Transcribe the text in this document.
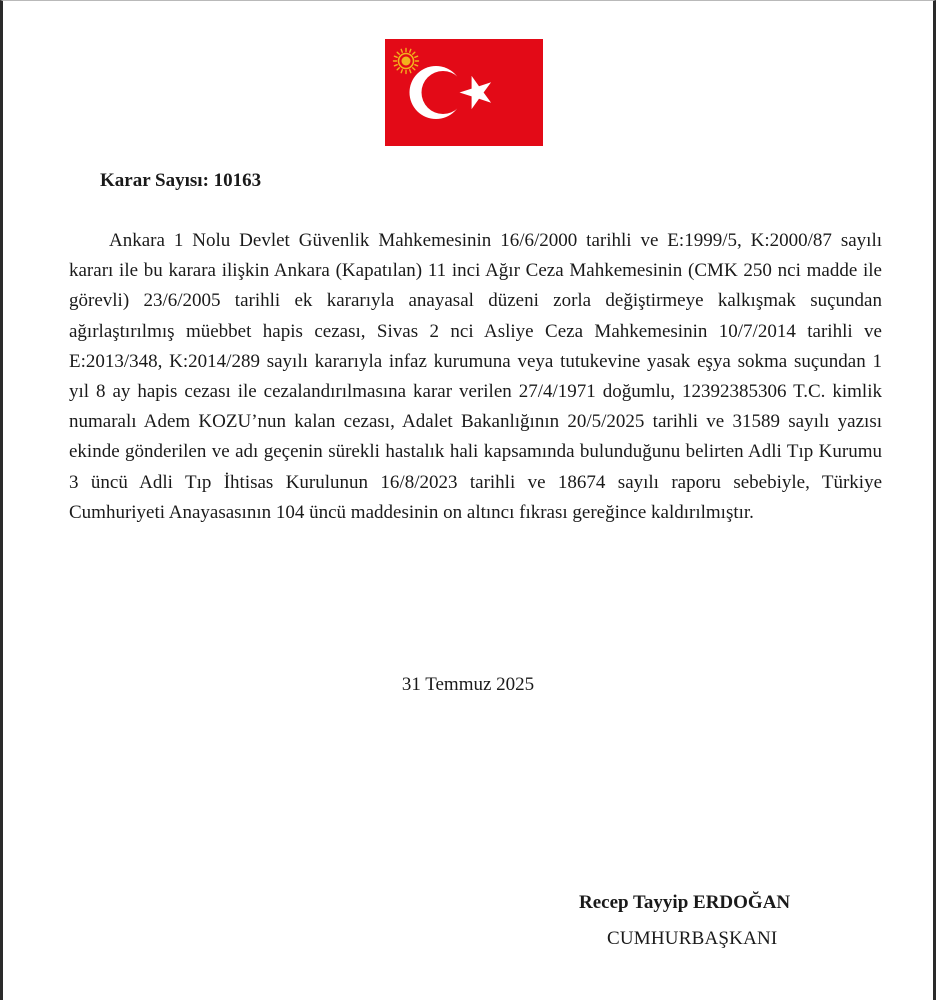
Karar Sayısı: 10163

Ankara 1 Nolu Devlet Güvenlik Mahkemesinin 16/6/2000 tarihli ve E:1999/5, K:2000/87 sayılı kararı ile bu karara ilişkin Ankara (Kapatılan) 11 inci Ağır Ceza Mahkemesinin (CMK 250 nci madde ile görevli) 23/6/2005 tarihli ek kararıyla anayasal düzeni zorla değiştirmeye kalkışmak suçundan ağırlaştırılmış müebbet hapis cezası, Sivas 2 nci Asliye Ceza Mahkemesinin 10/7/2014 tarihli ve E:2013/348, K:2014/289 sayılı kararıyla infaz kurumuna veya tutukevine yasak eşya sokma suçundan 1 yıl 8 ay hapis cezası ile cezalandırılmasına karar verilen 27/4/1971 doğumlu, 12392385306 T.C. kimlik numaralı Adem KOZU’nun kalan cezası, Adalet Bakanlığının 20/5/2025 tarihli ve 31589 sayılı yazısı ekinde gönderilen ve adı geçenin sürekli hastalık hali kapsamında bulunduğunu belirten Adli Tıp Kurumu 3 üncü Adli Tıp İhtisas Kurulunun 16/8/2023 tarihli ve 18674 sayılı raporu sebebiyle, Türkiye Cumhuriyeti Anayasasının 104 üncü maddesinin on altıncı fıkrası gereğince kaldırılmıştır.

31 Temmuz 2025

Recep Tayyip ERDOĞAN

CUMHURBAŞKANI
